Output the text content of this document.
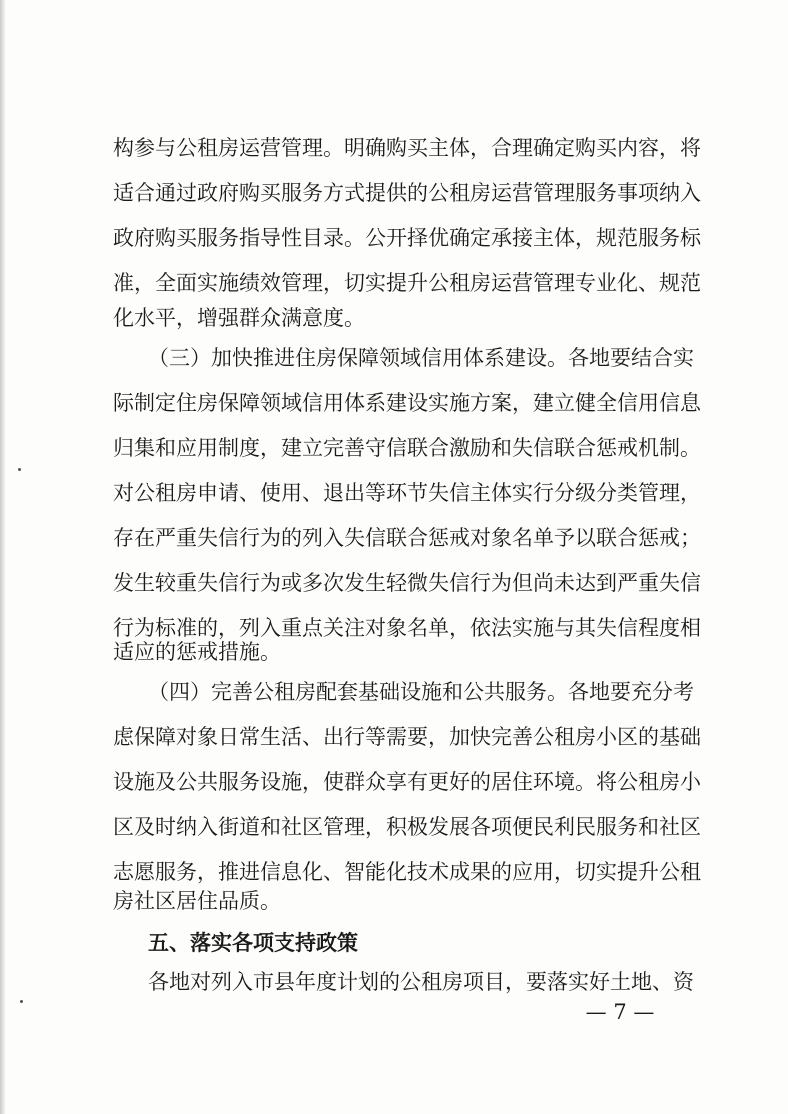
构参与公租房运营管理。明确购买主体，合理确定购买内容，将
适合通过政府购买服务方式提供的公租房运营管理服务事项纳入
政府购买服务指导性目录。公开择优确定承接主体，规范服务标
准，全面实施绩效管理，切实提升公租房运营管理专业化、规范
化水平，增强群众满意度。
（三）加快推进住房保障领域信用体系建设。各地要结合实
际制定住房保障领域信用体系建设实施方案，建立健全信用信息
归集和应用制度，建立完善守信联合激励和失信联合惩戒机制。
对公租房申请、使用、退出等环节失信主体实行分级分类管理，
存在严重失信行为的列入失信联合惩戒对象名单予以联合惩戒；
发生较重失信行为或多次发生轻微失信行为但尚未达到严重失信
行为标准的，列入重点关注对象名单，依法实施与其失信程度相
适应的惩戒措施。
（四）完善公租房配套基础设施和公共服务。各地要充分考
虑保障对象日常生活、出行等需要，加快完善公租房小区的基础
设施及公共服务设施，使群众享有更好的居住环境。将公租房小
区及时纳入街道和社区管理，积极发展各项便民利民服务和社区
志愿服务，推进信息化、智能化技术成果的应用，切实提升公租
房社区居住品质。
五、落实各项支持政策
各地对列入市县年度计划的公租房项目，要落实好土地、资
— 7 —
